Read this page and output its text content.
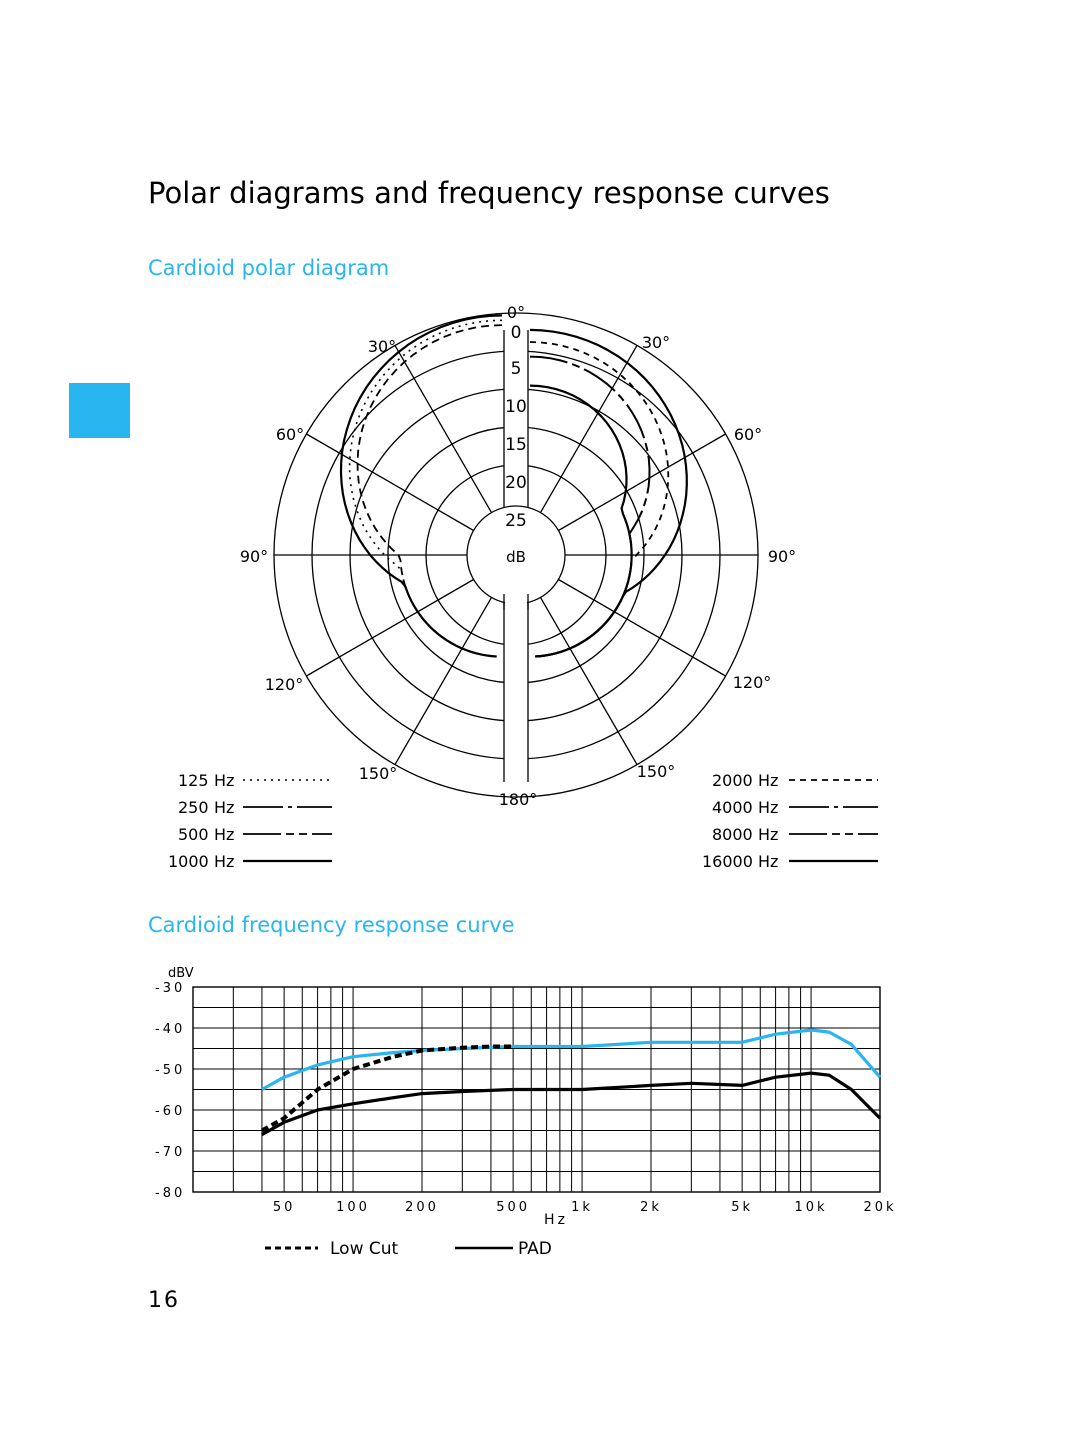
Polar diagrams and frequency response curves
Cardioid polar diagram
Cardioid frequency response curve
0°
30°	30°
60°	60°
90°	90°
120°	120°
150°	150°
180°
0
5
10
15
20
25
dB
125 Hz
250 Hz
500 Hz
1000 Hz
2000 Hz
4000 Hz
8000 Hz
16000 Hz
-30
-40
-50
-60
-70
-80
50	100	200	500	1k	2k	5k	10k	20k
dBV
Hz
Low Cut	PAD
16
